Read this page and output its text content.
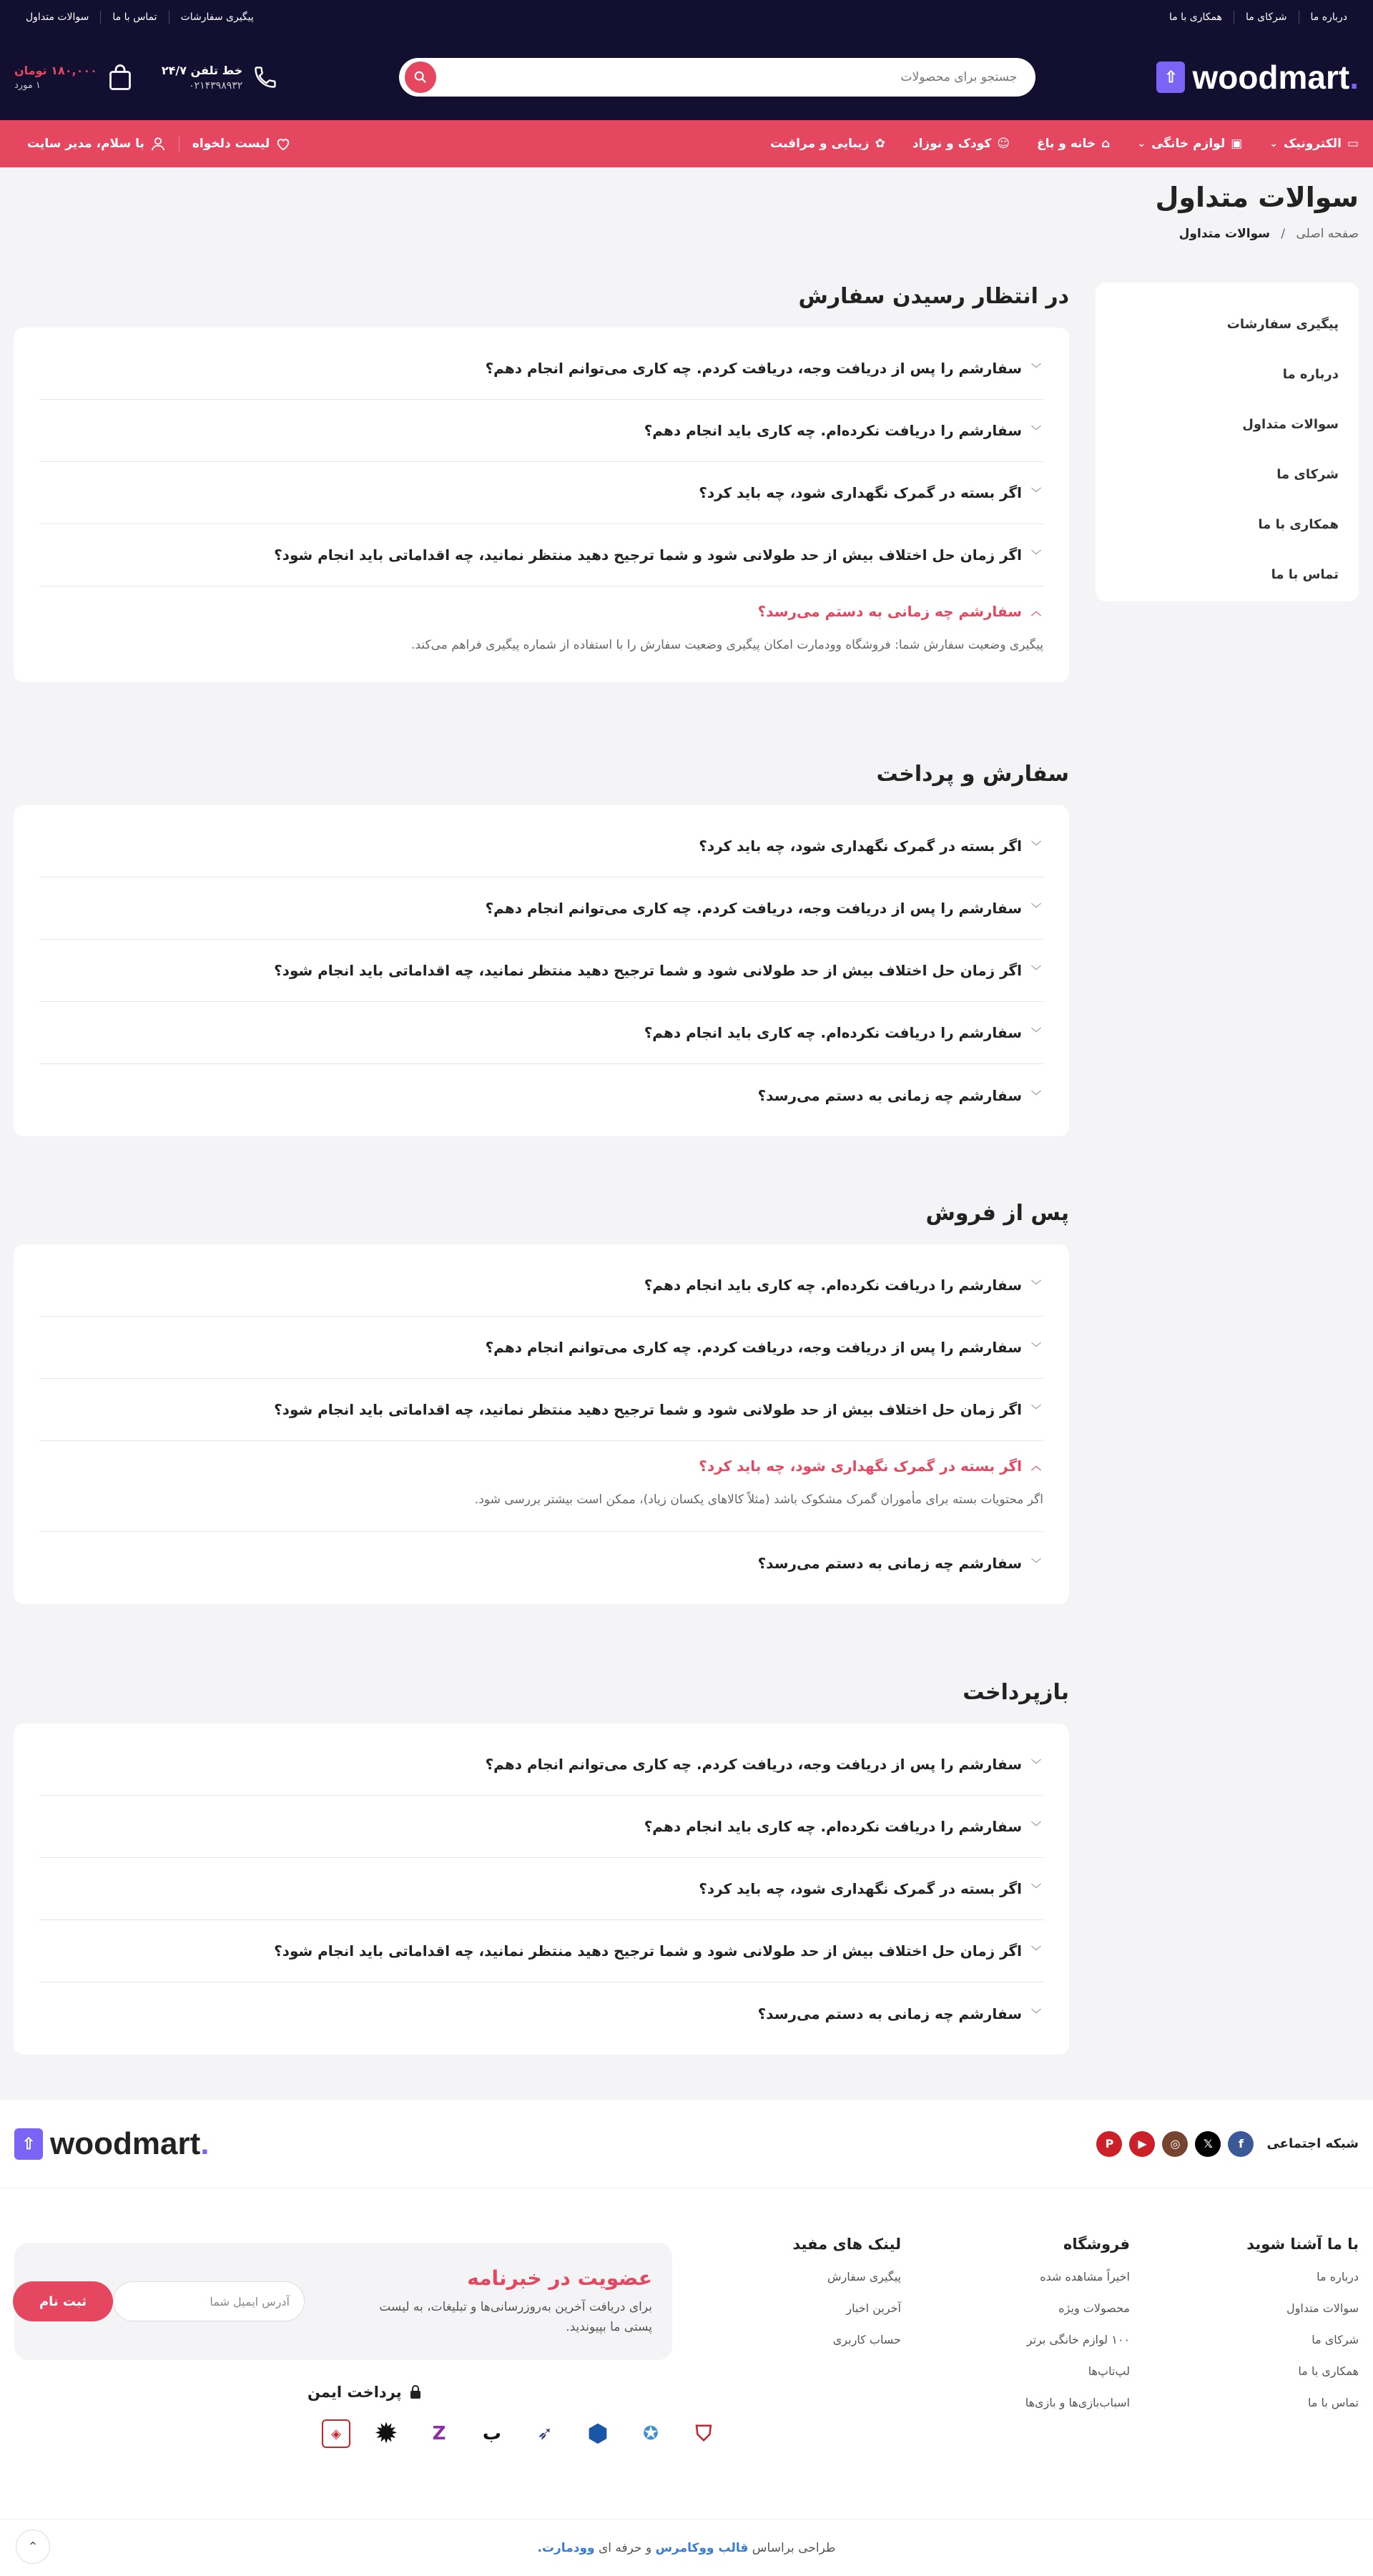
درباره ما
شرکای ما
همکاری با ما
پیگیری سفارشات
تماس با ما
سوالات متداول
⇧ woodmart.
جستجو برای محصولات
خط تلفن ۲۴/۷
۰۲۱۴۳۹۸۹۳۲
۱۸۰,۰۰۰ تومان
۱ مورد
▭
الکترونیک
⌄
▣
لوازم خانگی
⌄
⌂
خانه و باغ
☺
کودک و نوزاد
✿
زیبایی و مراقبت
لیست دلخواه
با سلام، مدیر سایت
سوالات متداول
صفحه اصلی / سوالات متداول
پیگیری سفارشات
درباره ما
سوالات متداول
شرکای ما
همکاری با ما
تماس با ما
در انتظار رسیدن سفارش
﹀
سفارشم را پس از دریافت وجه، دریافت کردم. چه کاری می‌توانم انجام دهم؟
﹀
سفارشم را دریافت نکرده‌ام. چه کاری باید انجام دهم؟
﹀
اگر بسته در گمرک نگهداری شود، چه باید کرد؟
﹀
اگر زمان حل اختلاف بیش از حد طولانی شود و شما ترجیح دهید منتظر نمانید، چه اقداماتی باید انجام شود؟
︿
سفارشم چه زمانی به دستم می‌رسد؟
پیگیری وضعیت سفارش شما: فروشگاه وودمارت امکان پیگیری وضعیت سفارش را با استفاده از شماره پیگیری فراهم می‌کند.
سفارش و پرداخت
﹀
اگر بسته در گمرک نگهداری شود، چه باید کرد؟
﹀
سفارشم را پس از دریافت وجه، دریافت کردم. چه کاری می‌توانم انجام دهم؟
﹀
اگر زمان حل اختلاف بیش از حد طولانی شود و شما ترجیح دهید منتظر نمانید، چه اقداماتی باید انجام شود؟
﹀
سفارشم را دریافت نکرده‌ام. چه کاری باید انجام دهم؟
﹀
سفارشم چه زمانی به دستم می‌رسد؟
پس از فروش
﹀
سفارشم را دریافت نکرده‌ام. چه کاری باید انجام دهم؟
﹀
سفارشم را پس از دریافت وجه، دریافت کردم. چه کاری می‌توانم انجام دهم؟
﹀
اگر زمان حل اختلاف بیش از حد طولانی شود و شما ترجیح دهید منتظر نمانید، چه اقداماتی باید انجام شود؟
︿
اگر بسته در گمرک نگهداری شود، چه باید کرد؟
اگر محتویات بسته برای مأموران گمرک مشکوک باشد (مثلاً کالاهای یکسان زیاد)، ممکن است بیشتر بررسی شود.
﹀
سفارشم چه زمانی به دستم می‌رسد؟
بازپرداخت
﹀
سفارشم را پس از دریافت وجه، دریافت کردم. چه کاری می‌توانم انجام دهم؟
﹀
سفارشم را دریافت نکرده‌ام. چه کاری باید انجام دهم؟
﹀
اگر بسته در گمرک نگهداری شود، چه باید کرد؟
﹀
اگر زمان حل اختلاف بیش از حد طولانی شود و شما ترجیح دهید منتظر نمانید، چه اقداماتی باید انجام شود؟
﹀
سفارشم چه زمانی به دستم می‌رسد؟
شبکه اجتماعی
f
𝕏
◎
▶
P
⇧ woodmart.
با ما آشنا شوید
درباره ما
سوالات متداول
شرکای ما
همکاری با ما
تماس با ما
فروشگاه
اخیراً مشاهده شده
محصولات ویژه
۱۰۰ لوازم خانگی برتر
لپ‌تاپ‌ها
اسباب‌بازی‌ها و بازی‌ها
لینک های مفید
پیگیری سفارش
آخرین اخبار
حساب کاربری
عضویت در خبرنامه

برای دریافت آخرین به‌روزرسانی‌ها و تبلیغات، به لیست پستی ما بپیوندید.

آدرس ایمیل شما
ثبت نام
پرداخت ایمن
◈	✹	Z	ب	➶	⬢	✪	⛉
⌃	طراحی براساس

قالب ووکامرس

و حرفه ای

وودمارت.
